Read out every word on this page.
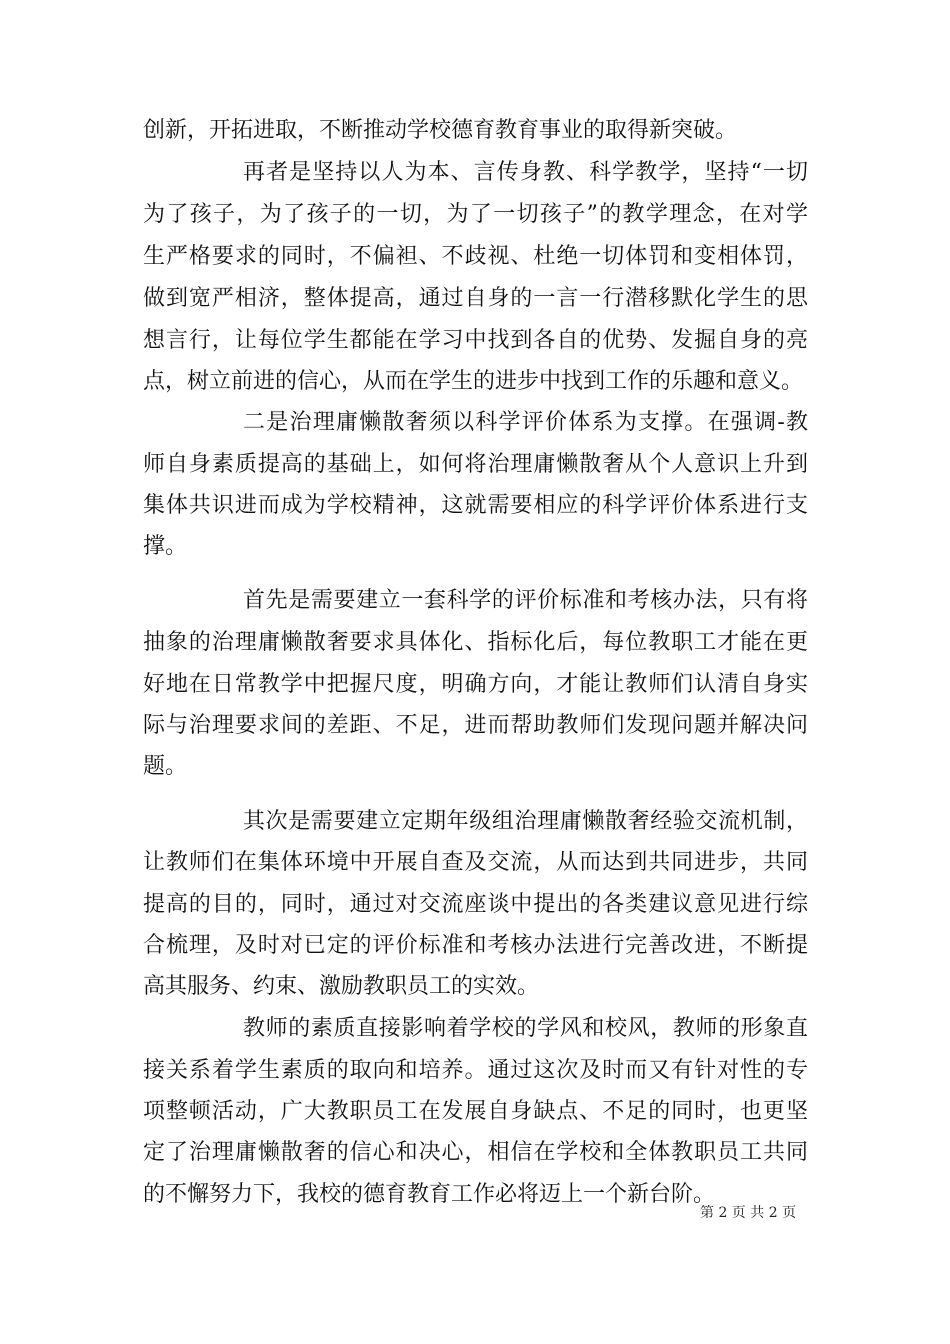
创新，开拓进取，不断推动学校德育教育事业的取得新突破。
再者是坚持以人为本、言传身教、科学教学，坚持“一切
为了孩子，为了孩子的一切，为了一切孩子”的教学理念，在对学
生严格要求的同时，不偏袒、不歧视、杜绝一切体罚和变相体罚，
做到宽严相济，整体提高，通过自身的一言一行潜移默化学生的思
想言行，让每位学生都能在学习中找到各自的优势、发掘自身的亮
点，树立前进的信心，从而在学生的进步中找到工作的乐趣和意义。
二是治理庸懒散奢须以科学评价体系为支撑。在强调-教
师自身素质提高的基础上，如何将治理庸懒散奢从个人意识上升到
集体共识进而成为学校精神，这就需要相应的科学评价体系进行支
撑。
首先是需要建立一套科学的评价标准和考核办法，只有将
抽象的治理庸懒散奢要求具体化、指标化后，每位教职工才能在更
好地在日常教学中把握尺度，明确方向，才能让教师们认清自身实
际与治理要求间的差距、不足，进而帮助教师们发现问题并解决问
题。
其次是需要建立定期年级组治理庸懒散奢经验交流机制，
让教师们在集体环境中开展自查及交流，从而达到共同进步，共同
提高的目的，同时，通过对交流座谈中提出的各类建议意见进行综
合梳理，及时对已定的评价标准和考核办法进行完善改进，不断提
高其服务、约束、激励教职员工的实效。
教师的素质直接影响着学校的学风和校风，教师的形象直
接关系着学生素质的取向和培养。通过这次及时而又有针对性的专
项整顿活动，广大教职员工在发展自身缺点、不足的同时，也更坚
定了治理庸懒散奢的信心和决心，相信在学校和全体教职员工共同
的不懈努力下，我校的德育教育工作必将迈上一个新台阶。
第 2 页 共 2 页
